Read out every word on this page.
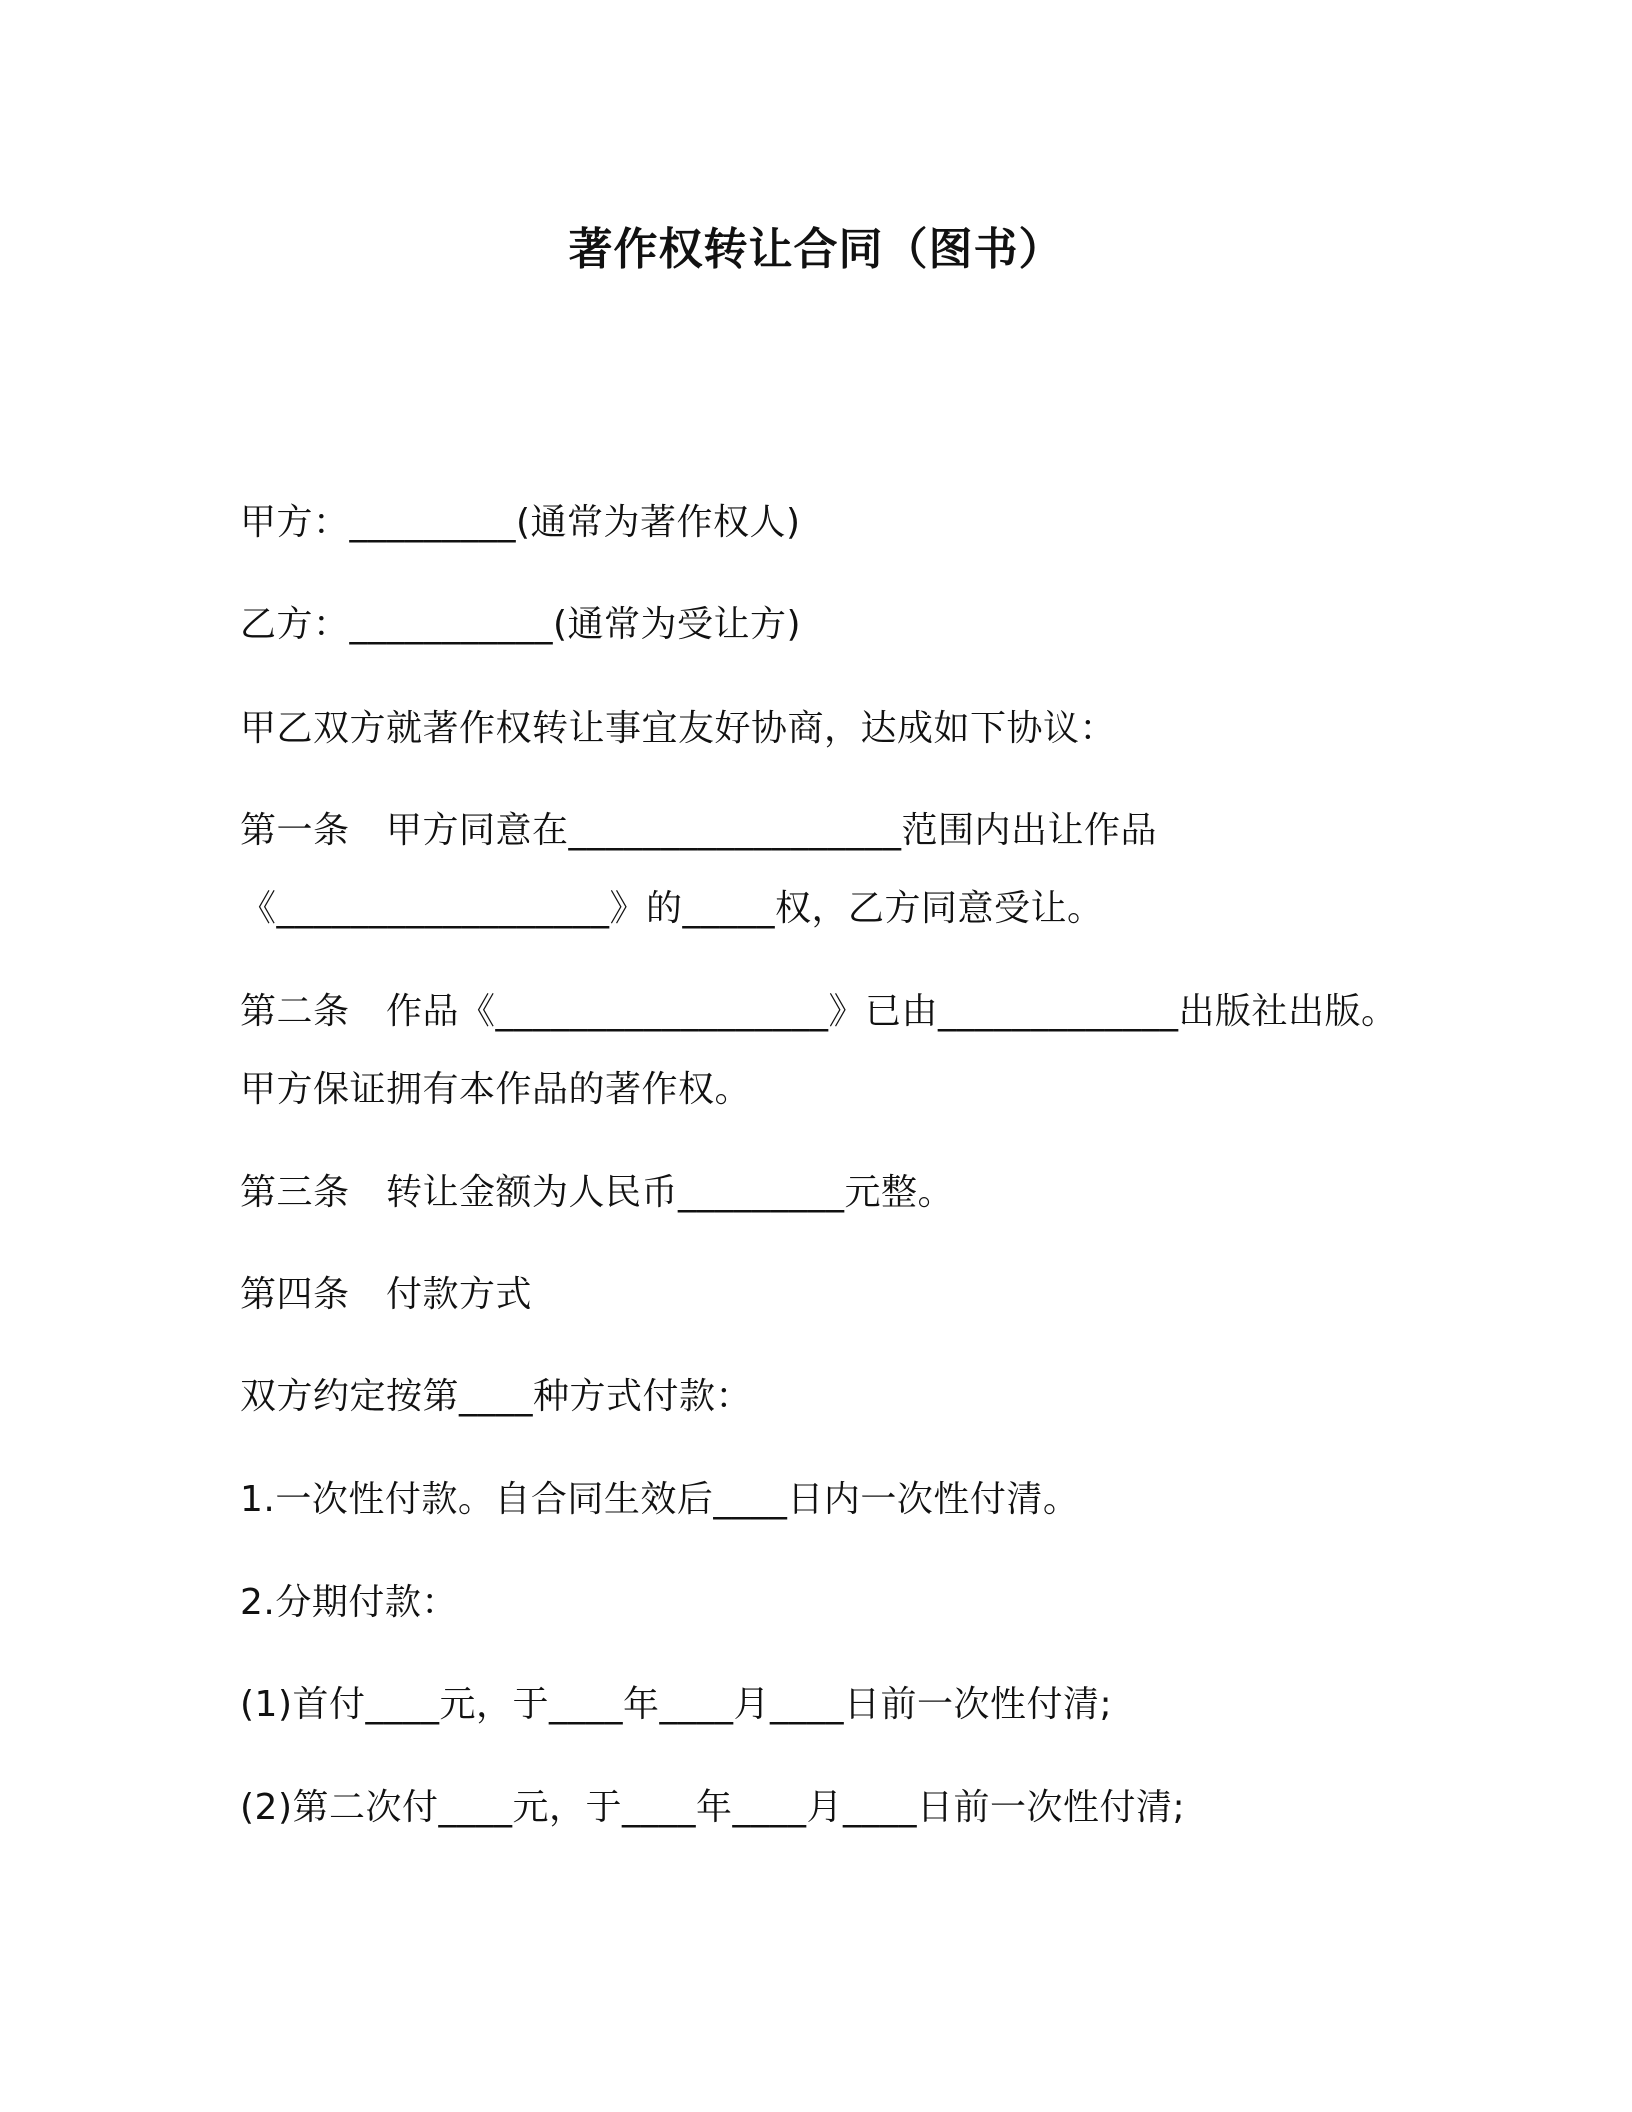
著作权转让合同（图书）
甲方：_________(通常为著作权人)
乙方：___________(通常为受让方)
甲乙双方就著作权转让事宜友好协商，达成如下协议：
第一条　甲方同意在__________________范围内出让作品
《__________________》的_____权，乙方同意受让。
第二条　作品《__________________》已由_____________出版社出版。
甲方保证拥有本作品的著作权。
第三条　转让金额为人民币_________元整。
第四条　付款方式
双方约定按第____种方式付款：
1.一次性付款。自合同生效后____日内一次性付清。
2.分期付款：
(1)首付____元，于____年____月____日前一次性付清;
(2)第二次付____元，于____年____月____日前一次性付清;
